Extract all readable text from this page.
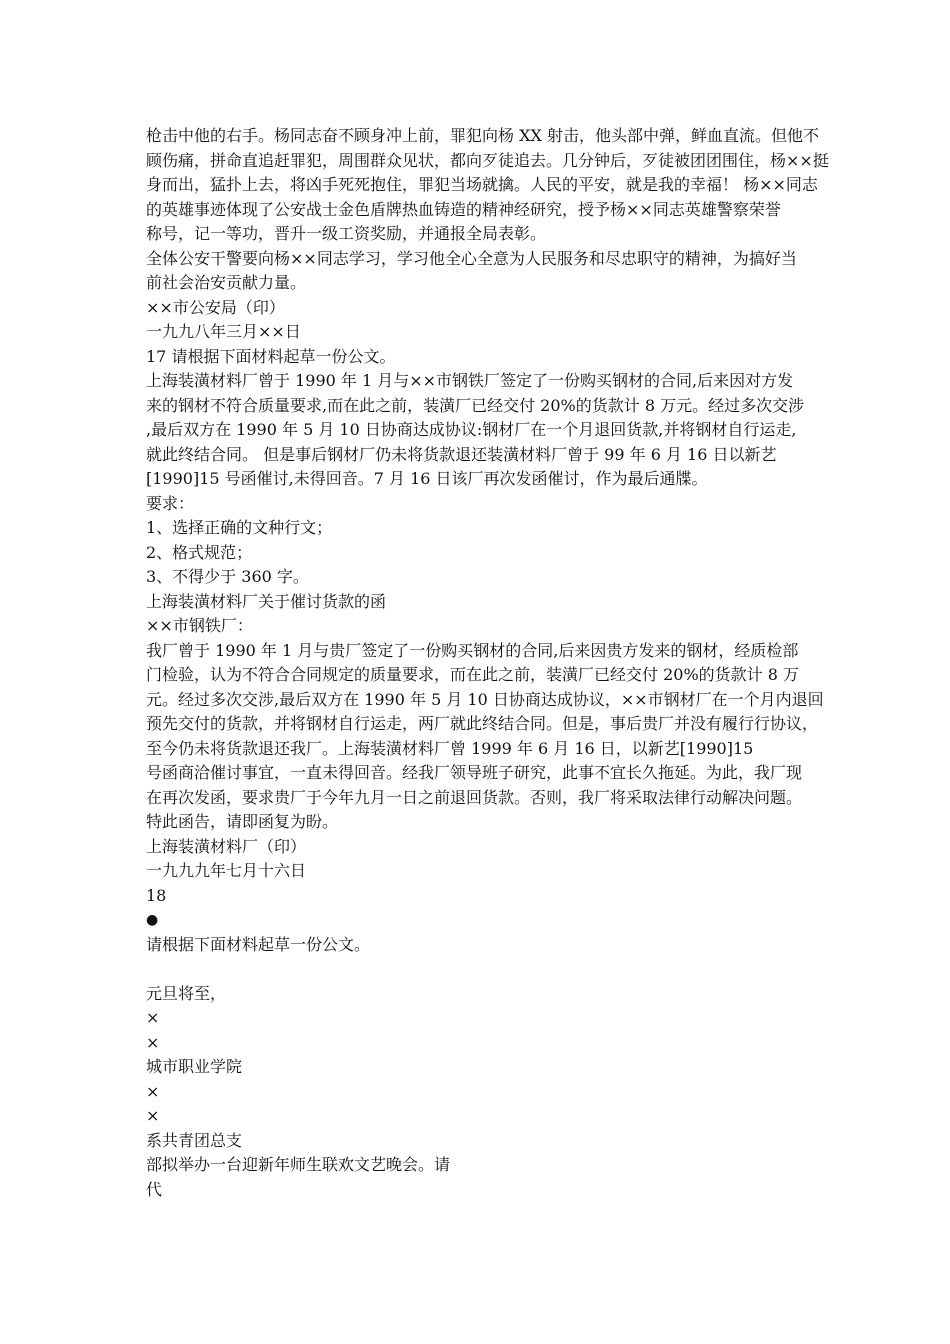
枪击中他的右手。杨同志奋不顾身冲上前，罪犯向杨 XX 射击，他头部中弹，鲜血直流。但他不
顾伤痛，拼命直追赶罪犯，周围群众见状，都向歹徒追去。几分钟后，歹徒被团团围住，杨××挺
身而出，猛扑上去，将凶手死死抱住，罪犯当场就擒。人民的平安，就是我的幸福！ 杨××同志
的英雄事迹体现了公安战士金色盾牌热血铸造的精神经研究，授予杨××同志英雄警察荣誉
称号，记一等功，晋升一级工资奖励，并通报全局表彰。
全体公安干警要向杨××同志学习，学习他全心全意为人民服务和尽忠职守的精神，为搞好当
前社会治安贡献力量。
××市公安局（印）
一九九八年三月××日
17 请根据下面材料起草一份公文。
上海装潢材料厂曾于 1990 年 1 月与××市钢铁厂签定了一份购买钢材的合同,后来因对方发
来的钢材不符合质量要求,而在此之前，装潢厂已经交付 20%的货款计 8 万元。经过多次交涉
,最后双方在 1990 年 5 月 10 日协商达成协议:钢材厂在一个月退回货款,并将钢材自行运走,
就此终结合同。 但是事后钢材厂仍未将货款退还装潢材料厂曾于 99 年 6 月 16 日以新艺
[1990]15 号函催讨,未得回音。7 月 16 日该厂再次发函催讨，作为最后通牒。
要求：
1、选择正确的文种行文；
2、格式规范；
3、不得少于 360 字。
上海装潢材料厂关于催讨货款的函
××市钢铁厂：
我厂曾于 1990 年 1 月与贵厂签定了一份购买钢材的合同,后来因贵方发来的钢材，经质检部
门检验，认为不符合合同规定的质量要求，而在此之前，装潢厂已经交付 20%的货款计 8 万
元。经过多次交涉,最后双方在 1990 年 5 月 10 日协商达成协议，××市钢材厂在一个月内退回
预先交付的货款，并将钢材自行运走，两厂就此终结合同。但是，事后贵厂并没有履行行协议，
至今仍未将货款退还我厂。上海装潢材料厂曾 1999 年 6 月 16 日，以新艺[1990]15
号函商洽催讨事宜，一直未得回音。经我厂领导班子研究，此事不宜长久拖延。为此，我厂现
在再次发函，要求贵厂于今年九月一日之前退回货款。否则，我厂将采取法律行动解决问题。
特此函告，请即函复为盼。
上海装潢材料厂（印）
一九九九年七月十六日
18
●
请根据下面材料起草一份公文。
元旦将至，
×
×
城市职业学院
×
×
系共青团总支
部拟举办一台迎新年师生联欢文艺晚会。请
代
